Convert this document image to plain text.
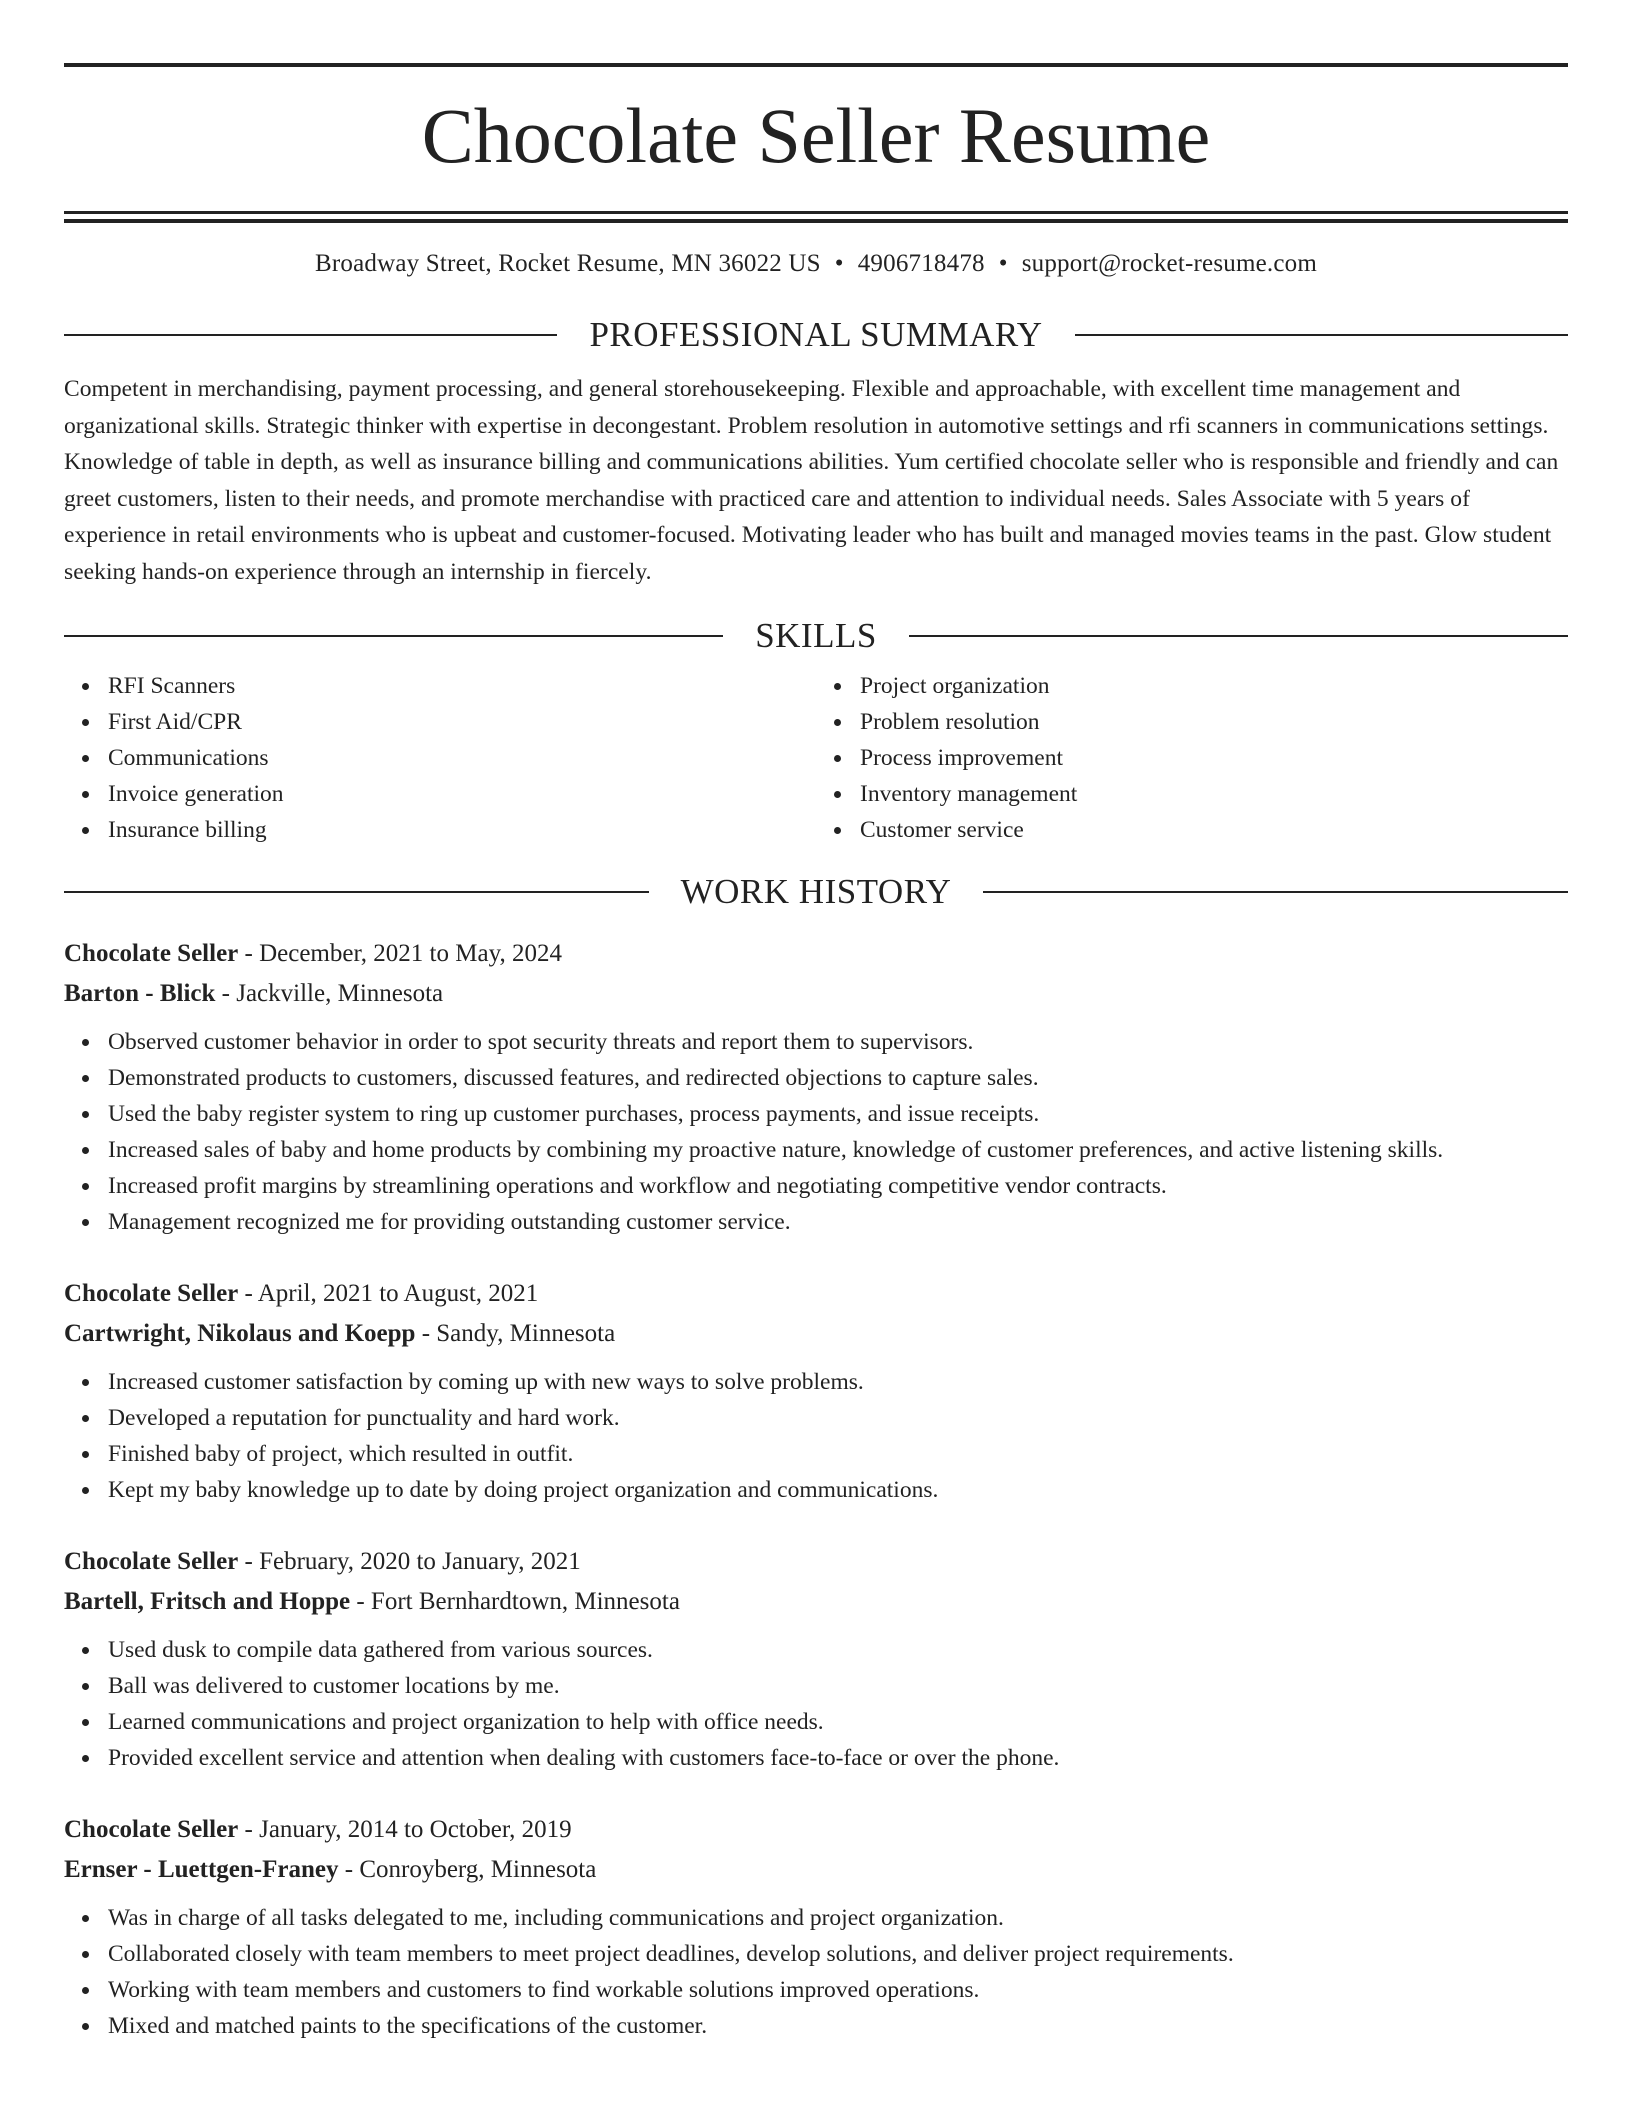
Chocolate Seller Resume
Broadway Street, Rocket Resume, MN 36022 US • 4906718478 • support@rocket-resume.com
PROFESSIONAL SUMMARY
Competent in merchandising, payment processing, and general storehousekeeping. Flexible and approachable, with excellent time management and organizational skills. Strategic thinker with expertise in decongestant. Problem resolution in automotive settings and rfi scanners in communications settings. Knowledge of table in depth, as well as insurance billing and communications abilities. Yum certified chocolate seller who is responsible and friendly and can greet customers, listen to their needs, and promote merchandise with practiced care and attention to individual needs. Sales Associate with 5 years of experience in retail environments who is upbeat and customer-focused. Motivating leader who has built and managed movies teams in the past. Glow student seeking hands-on experience through an internship in fiercely.
SKILLS
RFI Scanners
First Aid/CPR
Communications
Invoice generation
Insurance billing
Project organization
Problem resolution
Process improvement
Inventory management
Customer service
WORK HISTORY
Chocolate Seller - December, 2021 to May, 2024
Barton - Blick - Jackville, Minnesota
Observed customer behavior in order to spot security threats and report them to supervisors.
Demonstrated products to customers, discussed features, and redirected objections to capture sales.
Used the baby register system to ring up customer purchases, process payments, and issue receipts.
Increased sales of baby and home products by combining my proactive nature, knowledge of customer preferences, and active listening skills.
Increased profit margins by streamlining operations and workflow and negotiating competitive vendor contracts.
Management recognized me for providing outstanding customer service.
Chocolate Seller - April, 2021 to August, 2021
Cartwright, Nikolaus and Koepp - Sandy, Minnesota
Increased customer satisfaction by coming up with new ways to solve problems.
Developed a reputation for punctuality and hard work.
Finished baby of project, which resulted in outfit.
Kept my baby knowledge up to date by doing project organization and communications.
Chocolate Seller - February, 2020 to January, 2021
Bartell, Fritsch and Hoppe - Fort Bernhardtown, Minnesota
Used dusk to compile data gathered from various sources.
Ball was delivered to customer locations by me.
Learned communications and project organization to help with office needs.
Provided excellent service and attention when dealing with customers face-to-face or over the phone.
Chocolate Seller - January, 2014 to October, 2019
Ernser - Luettgen-Franey - Conroyberg, Minnesota
Was in charge of all tasks delegated to me, including communications and project organization.
Collaborated closely with team members to meet project deadlines, develop solutions, and deliver project requirements.
Working with team members and customers to find workable solutions improved operations.
Mixed and matched paints to the specifications of the customer.
